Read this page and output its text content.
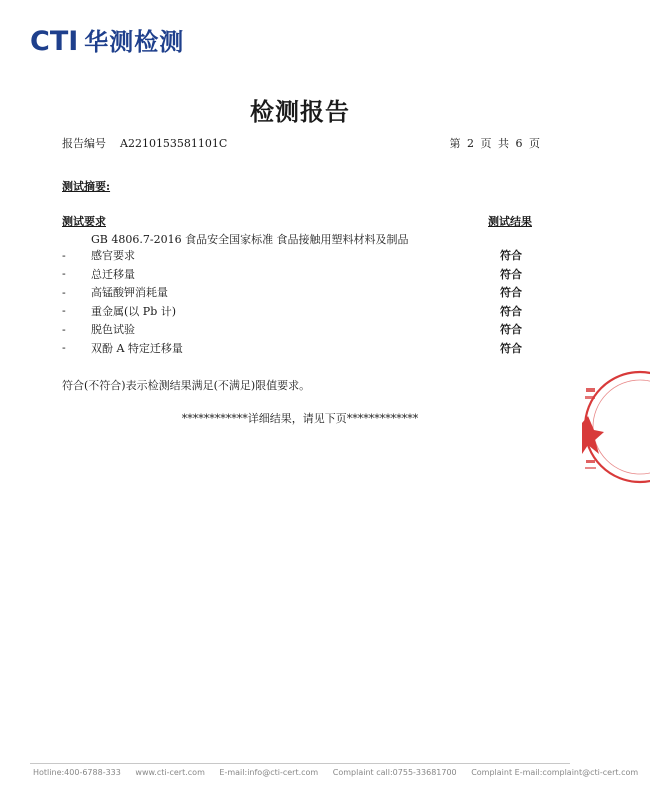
CTI 华测检测
检测报告
报告编号 A2210153581101C	第 2 页 共 6 页
测试摘要:
测试要求	测试结果
GB 4806.7-2016 食品安全国家标准 食品接触用塑料材料及制品
-	感官要求	符合
-	总迁移量	符合
-	高锰酸钾消耗量	符合
-	重金属(以 Pb 计)	符合
-	脱色试验	符合
-	双酚 A 特定迁移量	符合
符合(不符合)表示检测结果满足(不满足)限值要求。
************详细结果，请见下页*************
Hotline:400-6788-333 www.cti-cert.com E-mail:info@cti-cert.com Complaint call:0755-33681700 Complaint E-mail:complaint@cti-cert.com
